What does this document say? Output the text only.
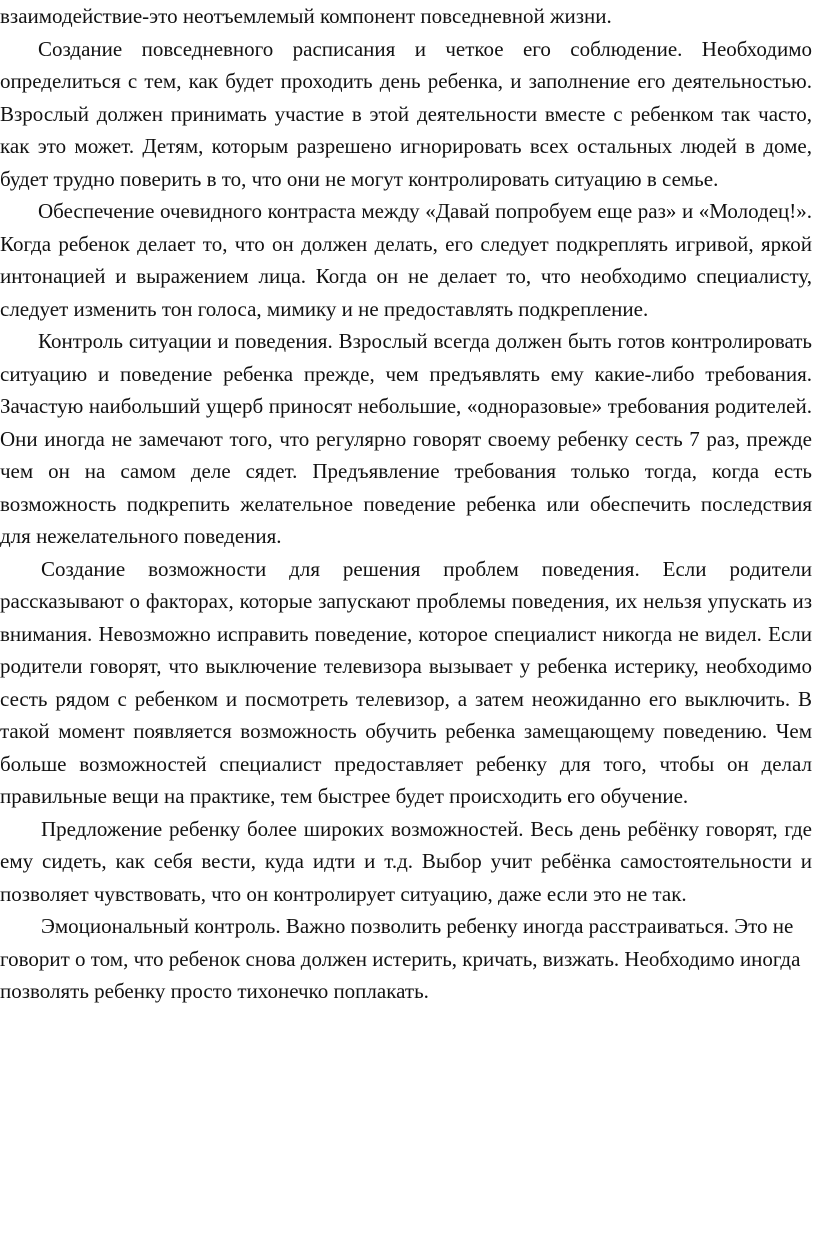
взаимодействие-это неотъемлемый компонент повседневной жизни.

Создание повседневного расписания и четкое его соблюдение. Необходимо определиться с тем, как будет проходить день ребенка, и заполнение его деятельностью. Взрослый должен принимать участие в этой деятельности вместе с ребенком так часто, как это может. Детям, которым разрешено игнорировать всех остальных людей в доме, будет трудно поверить в то, что они не могут контролировать ситуацию в семье.

Обеспечение очевидного контраста между «Давай попробуем еще раз» и «Молодец!». Когда ребенок делает то, что он должен делать, его следует подкреплять игривой, яркой интонацией и выражением лица. Когда он не делает то, что необходимо специалисту, следует изменить тон голоса, мимику и не предоставлять подкрепление.

Контроль ситуации и поведения. Взрослый всегда должен быть готов контролировать ситуацию и поведение ребенка прежде, чем предъявлять ему какие-либо требования. Зачастую наибольший ущерб приносят небольшие, «одноразовые» требования родителей. Они иногда не замечают того, что регулярно говорят своему ребенку сесть 7 раз, прежде чем он на самом деле сядет. Предъявление требования только тогда, когда есть возможность подкрепить желательное поведение ребенка или обеспечить последствия для нежелательного поведения.

Создание возможности для решения проблем поведения. Если родители рассказывают о факторах, которые запускают проблемы поведения, их нельзя упускать из внимания. Невозможно исправить поведение, которое специалист никогда не видел. Если родители говорят, что выключение телевизора вызывает у ребенка истерику, необходимо сесть рядом с ребенком и посмотреть телевизор, а затем неожиданно его выключить. В такой момент появляется возможность обучить ребенка замещающему поведению. Чем больше возможностей специалист предоставляет ребенку для того, чтобы он делал правильные вещи на практике, тем быстрее будет происходить его обучение.

Предложение ребенку более широких возможностей. Весь день ребёнку говорят, где ему сидеть, как себя вести, куда идти и т.д. Выбор учит ребёнка самостоятельности и позволяет чувствовать, что он контролирует ситуацию, даже если это не так.

Эмоциональный контроль. Важно позволить ребенку иногда расстраиваться. Это не говорит о том, что ребенок снова должен истерить, кричать, визжать. Необходимо иногда позволять ребенку просто тихонечко поплакать.
